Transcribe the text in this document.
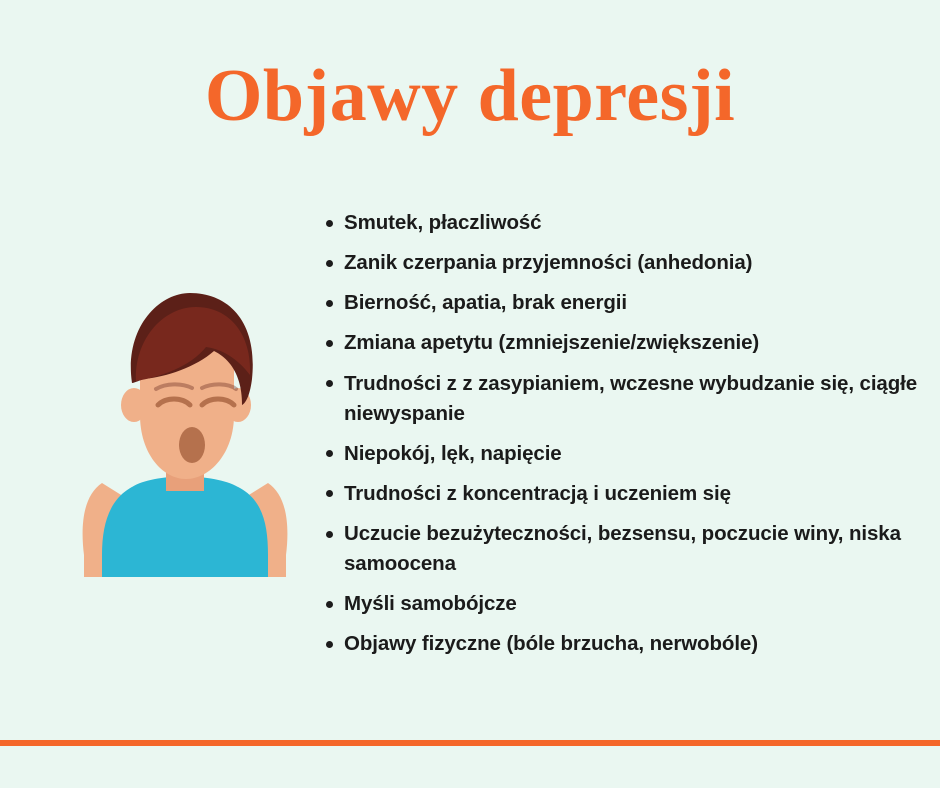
Objawy depresji
Smutek, płaczliwość
Zanik czerpania przyjemności (anhedonia)
Bierność, apatia, brak energii
Zmiana apetytu (zmniejszenie/zwiększenie)
Trudności z z zasypianiem, wczesne wybudzanie się, ciągłe niewyspanie
Niepokój, lęk, napięcie
Trudności z koncentracją i uczeniem się
Uczucie bezużyteczności, bezsensu, poczucie winy, niska samoocena
Myśli samobójcze
Objawy fizyczne (bóle brzucha, nerwobóle)
